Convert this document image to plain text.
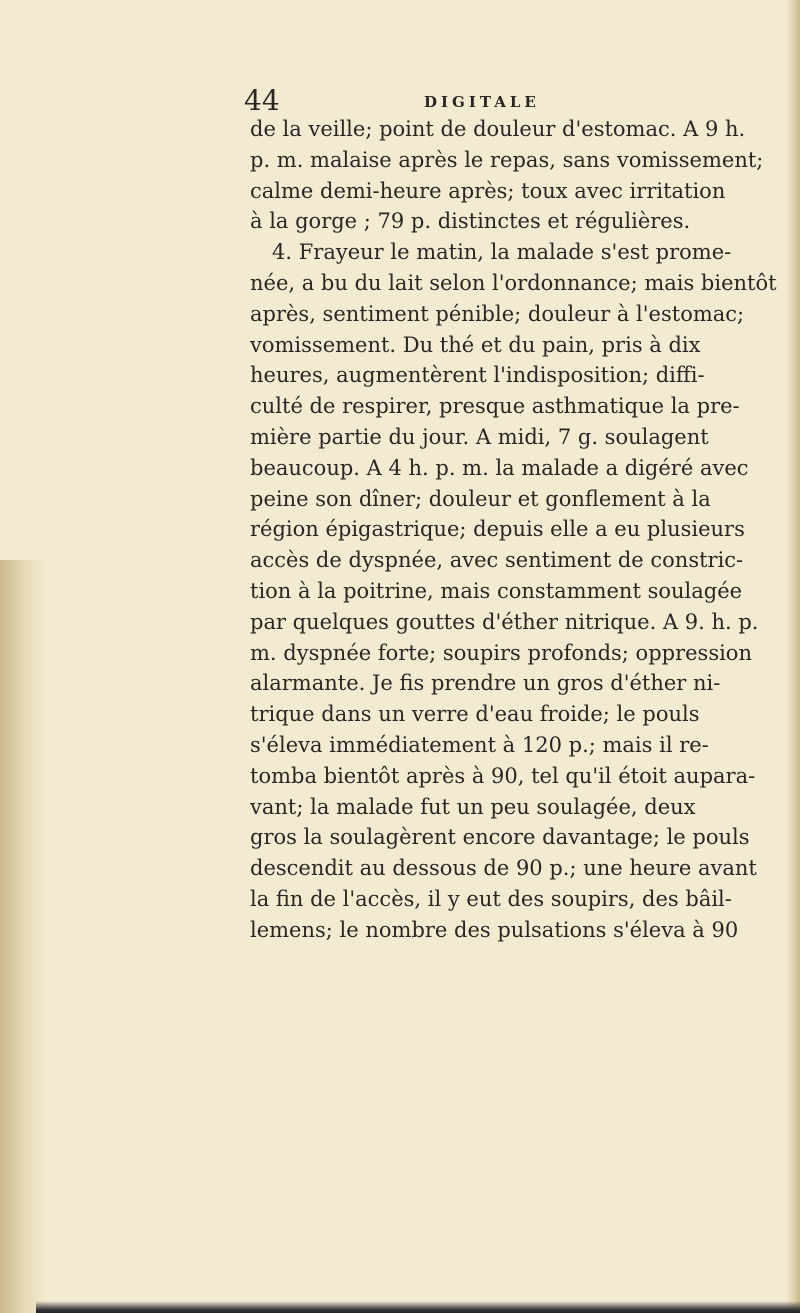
44	DIGITALE
de la veille; point de douleur d'estomac. A 9 h.
p. m. malaise après le repas, sans vomissement;
calme demi-heure après; toux avec irritation
à la gorge ; 79 p. distinctes et régulières.
4. Frayeur le matin, la malade s'est prome-
née, a bu du lait selon l'ordonnance; mais bientôt
après, sentiment pénible; douleur à l'estomac;
vomissement. Du thé et du pain, pris à dix
heures, augmentèrent l'indisposition; diffi-
culté de respirer, presque asthmatique la pre-
mière partie du jour. A midi, 7 g. soulagent
beaucoup. A 4 h. p. m. la malade a digéré avec
peine son dîner; douleur et gonflement à la
région épigastrique; depuis elle a eu plusieurs
accès de dyspnée, avec sentiment de constric-
tion à la poitrine, mais constamment soulagée
par quelques gouttes d'éther nitrique. A 9. h. p.
m. dyspnée forte; soupirs profonds; oppression
alarmante. Je fis prendre un gros d'éther ni-
trique dans un verre d'eau froide; le pouls
s'éleva immédiatement à 120 p.; mais il re-
tomba bientôt après à 90, tel qu'il étoit aupara-
vant; la malade fut un peu soulagée, deux
gros la soulagèrent encore davantage; le pouls
descendit au dessous de 90 p.; une heure avant
la fin de l'accès, il y eut des soupirs, des bâil-
lemens; le nombre des pulsations s'éleva à 90
